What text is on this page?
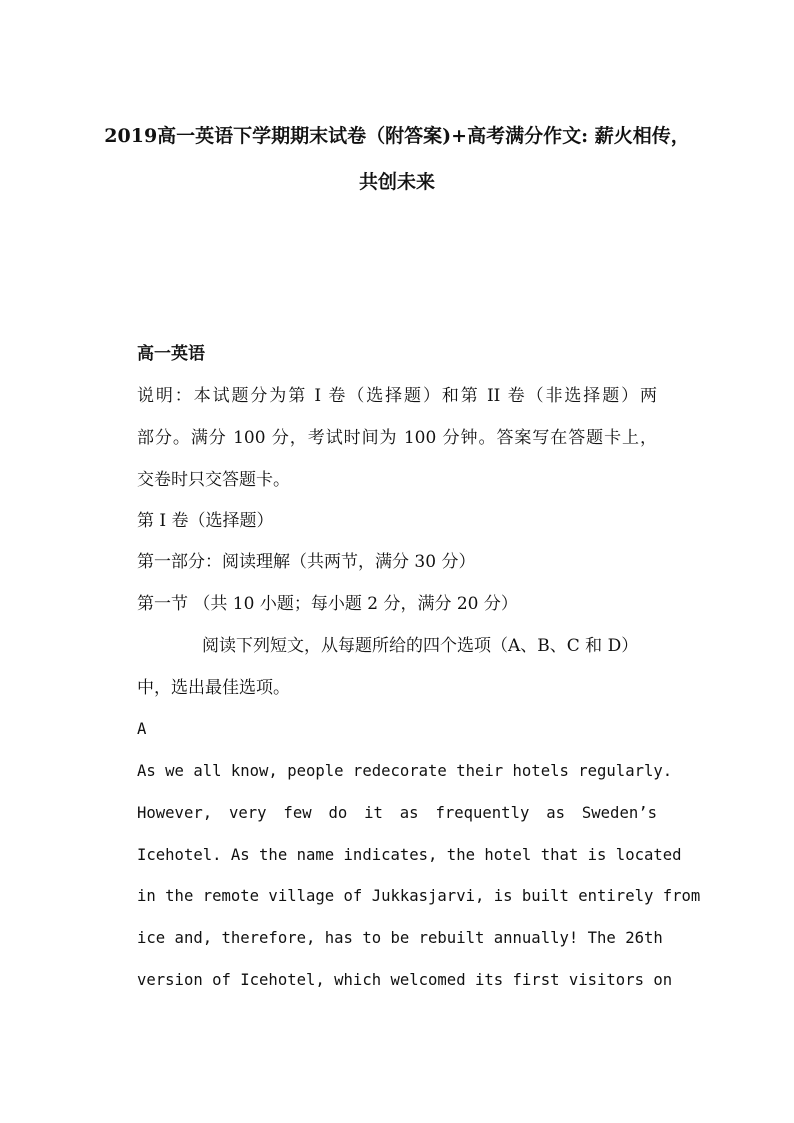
2019高一英语下学期期末试卷（附答案)+高考满分作文: 薪火相传，
共创未来
高一英语
说明：本试题分为第 I 卷（选择题）和第 II 卷（非选择题）两
部分。满分 100 分，考试时间为 100 分钟。答案写在答题卡上，
交卷时只交答题卡。
第 I 卷（选择题）
第一部分：阅读理解（共两节，满分 30 分）
第一节 （共 10 小题；每小题 2 分，满分 20 分）
阅读下列短文，从每题所给的四个选项（A、B、C 和 D）
中，选出最佳选项。
A
As we all know, people redecorate their hotels regularly.
However, very few do it as frequently as Sweden’s
Icehotel. As the name indicates, the hotel that is located
in the remote village of Jukkasjarvi, is built entirely from
ice and, therefore, has to be rebuilt annually! The 26th
version of Icehotel, which welcomed its first visitors on
